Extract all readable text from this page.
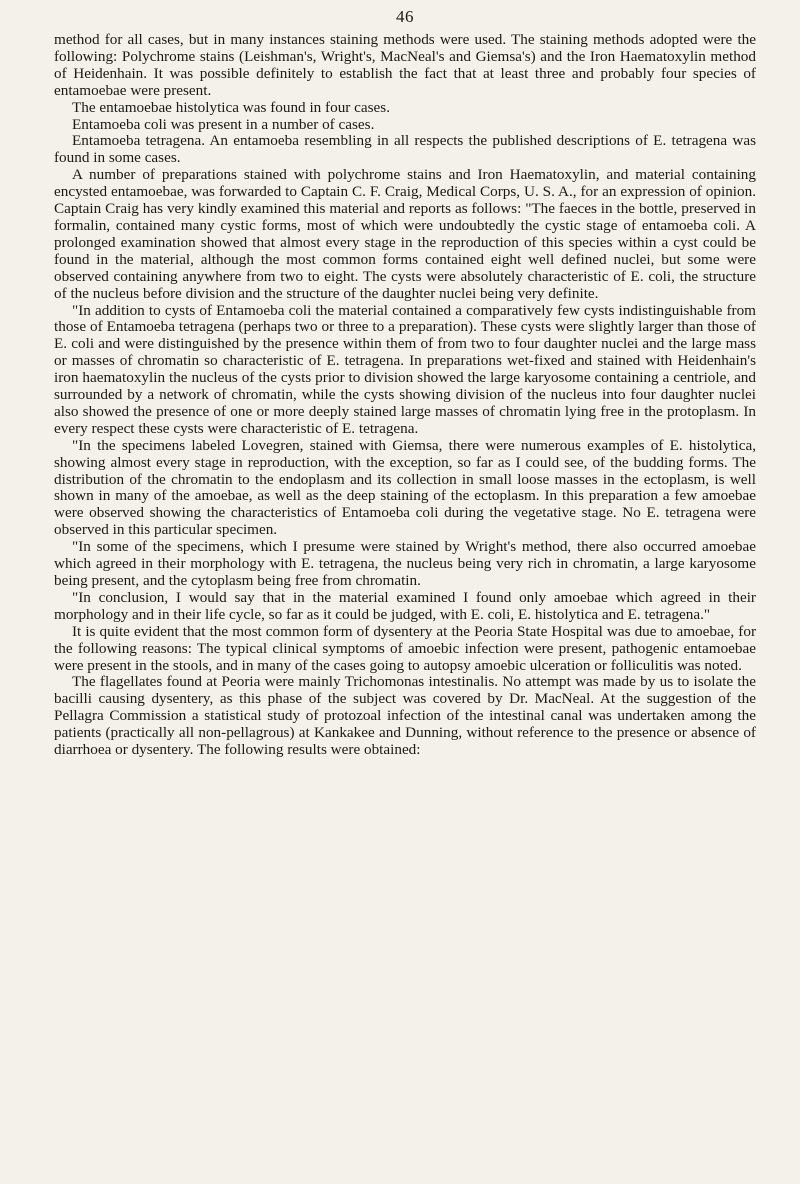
46

method for all cases, but in many instances staining methods were used. The staining methods adopted were the following: Polychrome stains (Leishman's, Wright's, MacNeal's and Giemsa's) and the Iron Haematoxylin method of Heidenhain. It was possible definitely to establish the fact that at least three and probably four species of entamoebae were present.

The entamoebae histolytica was found in four cases.

Entamoeba coli was present in a number of cases.

Entamoeba tetragena. An entamoeba resembling in all respects the published descriptions of E. tetragena was found in some cases.

A number of preparations stained with polychrome stains and Iron Haematoxylin, and material containing encysted entamoebae, was forwarded to Captain C. F. Craig, Medical Corps, U. S. A., for an expression of opinion. Captain Craig has very kindly examined this material and reports as follows: "The faeces in the bottle, preserved in formalin, contained many cystic forms, most of which were undoubtedly the cystic stage of entamoeba coli. A prolonged examination showed that almost every stage in the reproduction of this species within a cyst could be found in the material, although the most common forms contained eight well defined nuclei, but some were observed containing anywhere from two to eight. The cysts were absolutely characteristic of E. coli, the structure of the nucleus before division and the structure of the daughter nuclei being very definite.

"In addition to cysts of Entamoeba coli the material contained a comparatively few cysts indistinguishable from those of Entamoeba tetragena (perhaps two or three to a preparation). These cysts were slightly larger than those of E. coli and were distinguished by the presence within them of from two to four daughter nuclei and the large mass or masses of chromatin so characteristic of E. tetragena. In preparations wet-fixed and stained with Heidenhain's iron haematoxylin the nucleus of the cysts prior to division showed the large karyosome containing a centriole, and surrounded by a network of chromatin, while the cysts showing division of the nucleus into four daughter nuclei also showed the presence of one or more deeply stained large masses of chromatin lying free in the protoplasm. In every respect these cysts were characteristic of E. tetragena.

"In the specimens labeled Lovegren, stained with Giemsa, there were numerous examples of E. histolytica, showing almost every stage in reproduction, with the exception, so far as I could see, of the budding forms. The distribution of the chromatin to the endoplasm and its collection in small loose masses in the ectoplasm, is well shown in many of the amoebae, as well as the deep staining of the ectoplasm. In this preparation a few amoebae were observed showing the characteristics of Entamoeba coli during the vegetative stage. No E. tetragena were observed in this particular specimen.

"In some of the specimens, which I presume were stained by Wright's method, there also occurred amoebae which agreed in their morphology with E. tetragena, the nucleus being very rich in chromatin, a large karyosome being present, and the cytoplasm being free from chromatin.

"In conclusion, I would say that in the material examined I found only amoebae which agreed in their morphology and in their life cycle, so far as it could be judged, with E. coli, E. histolytica and E. tetragena."

It is quite evident that the most common form of dysentery at the Peoria State Hospital was due to amoebae, for the following reasons: The typical clinical symptoms of amoebic infection were present, pathogenic entamoebae were present in the stools, and in many of the cases going to autopsy amoebic ulceration or folliculitis was noted.

The flagellates found at Peoria were mainly Trichomonas intestinalis. No attempt was made by us to isolate the bacilli causing dysentery, as this phase of the subject was covered by Dr. MacNeal. At the suggestion of the Pellagra Commission a statistical study of protozoal infection of the intestinal canal was undertaken among the patients (practically all non-pellagrous) at Kankakee and Dunning, without reference to the presence or absence of diarrhoea or dysentery. The following results were obtained:
